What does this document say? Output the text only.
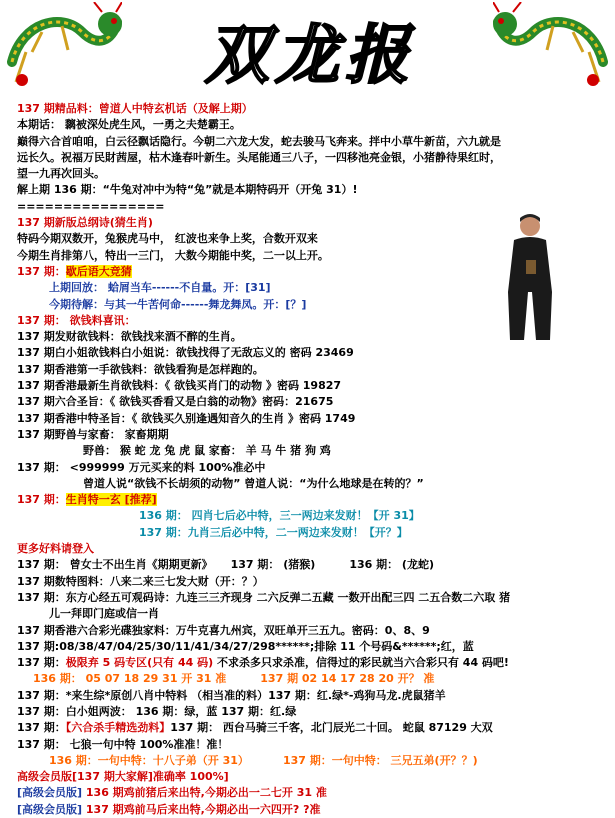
双龙报
137 期精品料：曾道人中特玄机话（及解上期）
本期话： 黐被深处虎生风，一勇之夫楚霸王。
巅得六合首咱咱，白云径飘话隐行。今朝二六龙大发，蛇去骏马飞奔来。拌中小草牛新苗，六九就是
远长久。祝福万民財茜屋，枯木逢春叶新生。头尾能通三八子，一四移池亮金银，小猪静待果红时，
望一九再次回头。
解上期 136 期：“牛兔对冲中为特“兔”就是本期特码开（开兔 31）!
================
137 期新版总纲诗(猜生肖)
特码今期双数开，兔猴虎马中， 红波也来争上奖，合数开双来
今期生肖排第八，特出一三门， 大数今期能中奖，二一以上开。
137 期：歇后语大竞猜
上期回放： 蛤屑当车------不自量。开：[31]
今期待解：与其一牛苦何命------舞龙舞凤。开：[？]
137 期： 欲钱料喜讯：
137 期发财欲钱料：欲钱找来酒不醉的生肖。
137 期白小姐欲钱料白小姐说：欲钱找得了无敌忘义的 密码 23469
137 期香港第一手欲钱料：欲钱看狗是怎样跑的。
137 期香港最新生肖欲钱料：《 欲钱买肖门的动物 》密码 19827
137 期六合圣旨：《 欲钱买香看又是白翁的动物》密码：21675
137 期香港中特圣旨：《 欲钱买久别逢遇知音久的生肖 》密码 1749
137 期野兽与家畜： 家畜期期
野兽： 猴 蛇 龙 兔 虎 鼠 家畜： 羊 马 牛 猪 狗 鸡
137 期： <999999 万元买来的料 100%准必中
曾道人说“欲钱不长胡须的动物” 曾道人说：“为什么地球是在转的？”
137 期：生肖特一玄 [推荐]
136 期： 四肖七后必中特，三一两边来发财！【开 31】
137 期：九肖三后必中特，二一两边来发财！【开？】
更多好料请登入
137 期： 曾女士不出生肖《期期更新》 137 期： (猪猴)	136 期： (龙蛇)
137 期数特图料：八来二来三七发大财（开：？）
137 期：东方心经五可观码诗：九连三三齐现身 二六反弹二五藏 一数开出配三四 二五合数二六取 猪
儿一拜即门庭或信一肖
137 期香港六合彩光碟独家料：万牛克喜九州宾，双旺单开三五九。密码：0、8、9
137 期:08/38/47/04/25/30/11/41/34/27/298******;排除 11 个号码&******;红，蓝
137 期：极限弃 5 码专区(只有 44 码) 不求杀多只求杀准，信得过的彩民就当六合彩只有 44 码吧!
136 期： 05 07 18 29 31 开 31 准	137 期 02 14 17 28 20 开？ 准
137 期：*来生综*原创八肖中特料 （相当准的料）137 期：红.绿*-鸡狗马龙.虎鼠猪羊
137 期：白小姐两波： 136 期：绿，蓝 137 期：红.绿
137 期：【六合杀手精选劲料】137 期： 西台马骑三千客，北门辰光二十回。 蛇鼠 87129 大双
137 期： 七狼一句中特 100%准准！准！
136 期：一句中特：十八子弟（开 31）	137 期：一句中特： 三兄五弟(开？？)
高级会员版[137 期大家解]准确率 100%]
[高级会员版] 136 期鸡前猪后来出特,今期必出一二七开 31 准
[高级会员版] 137 期鸡前马后来出特,今期必出一六四开? ?准
